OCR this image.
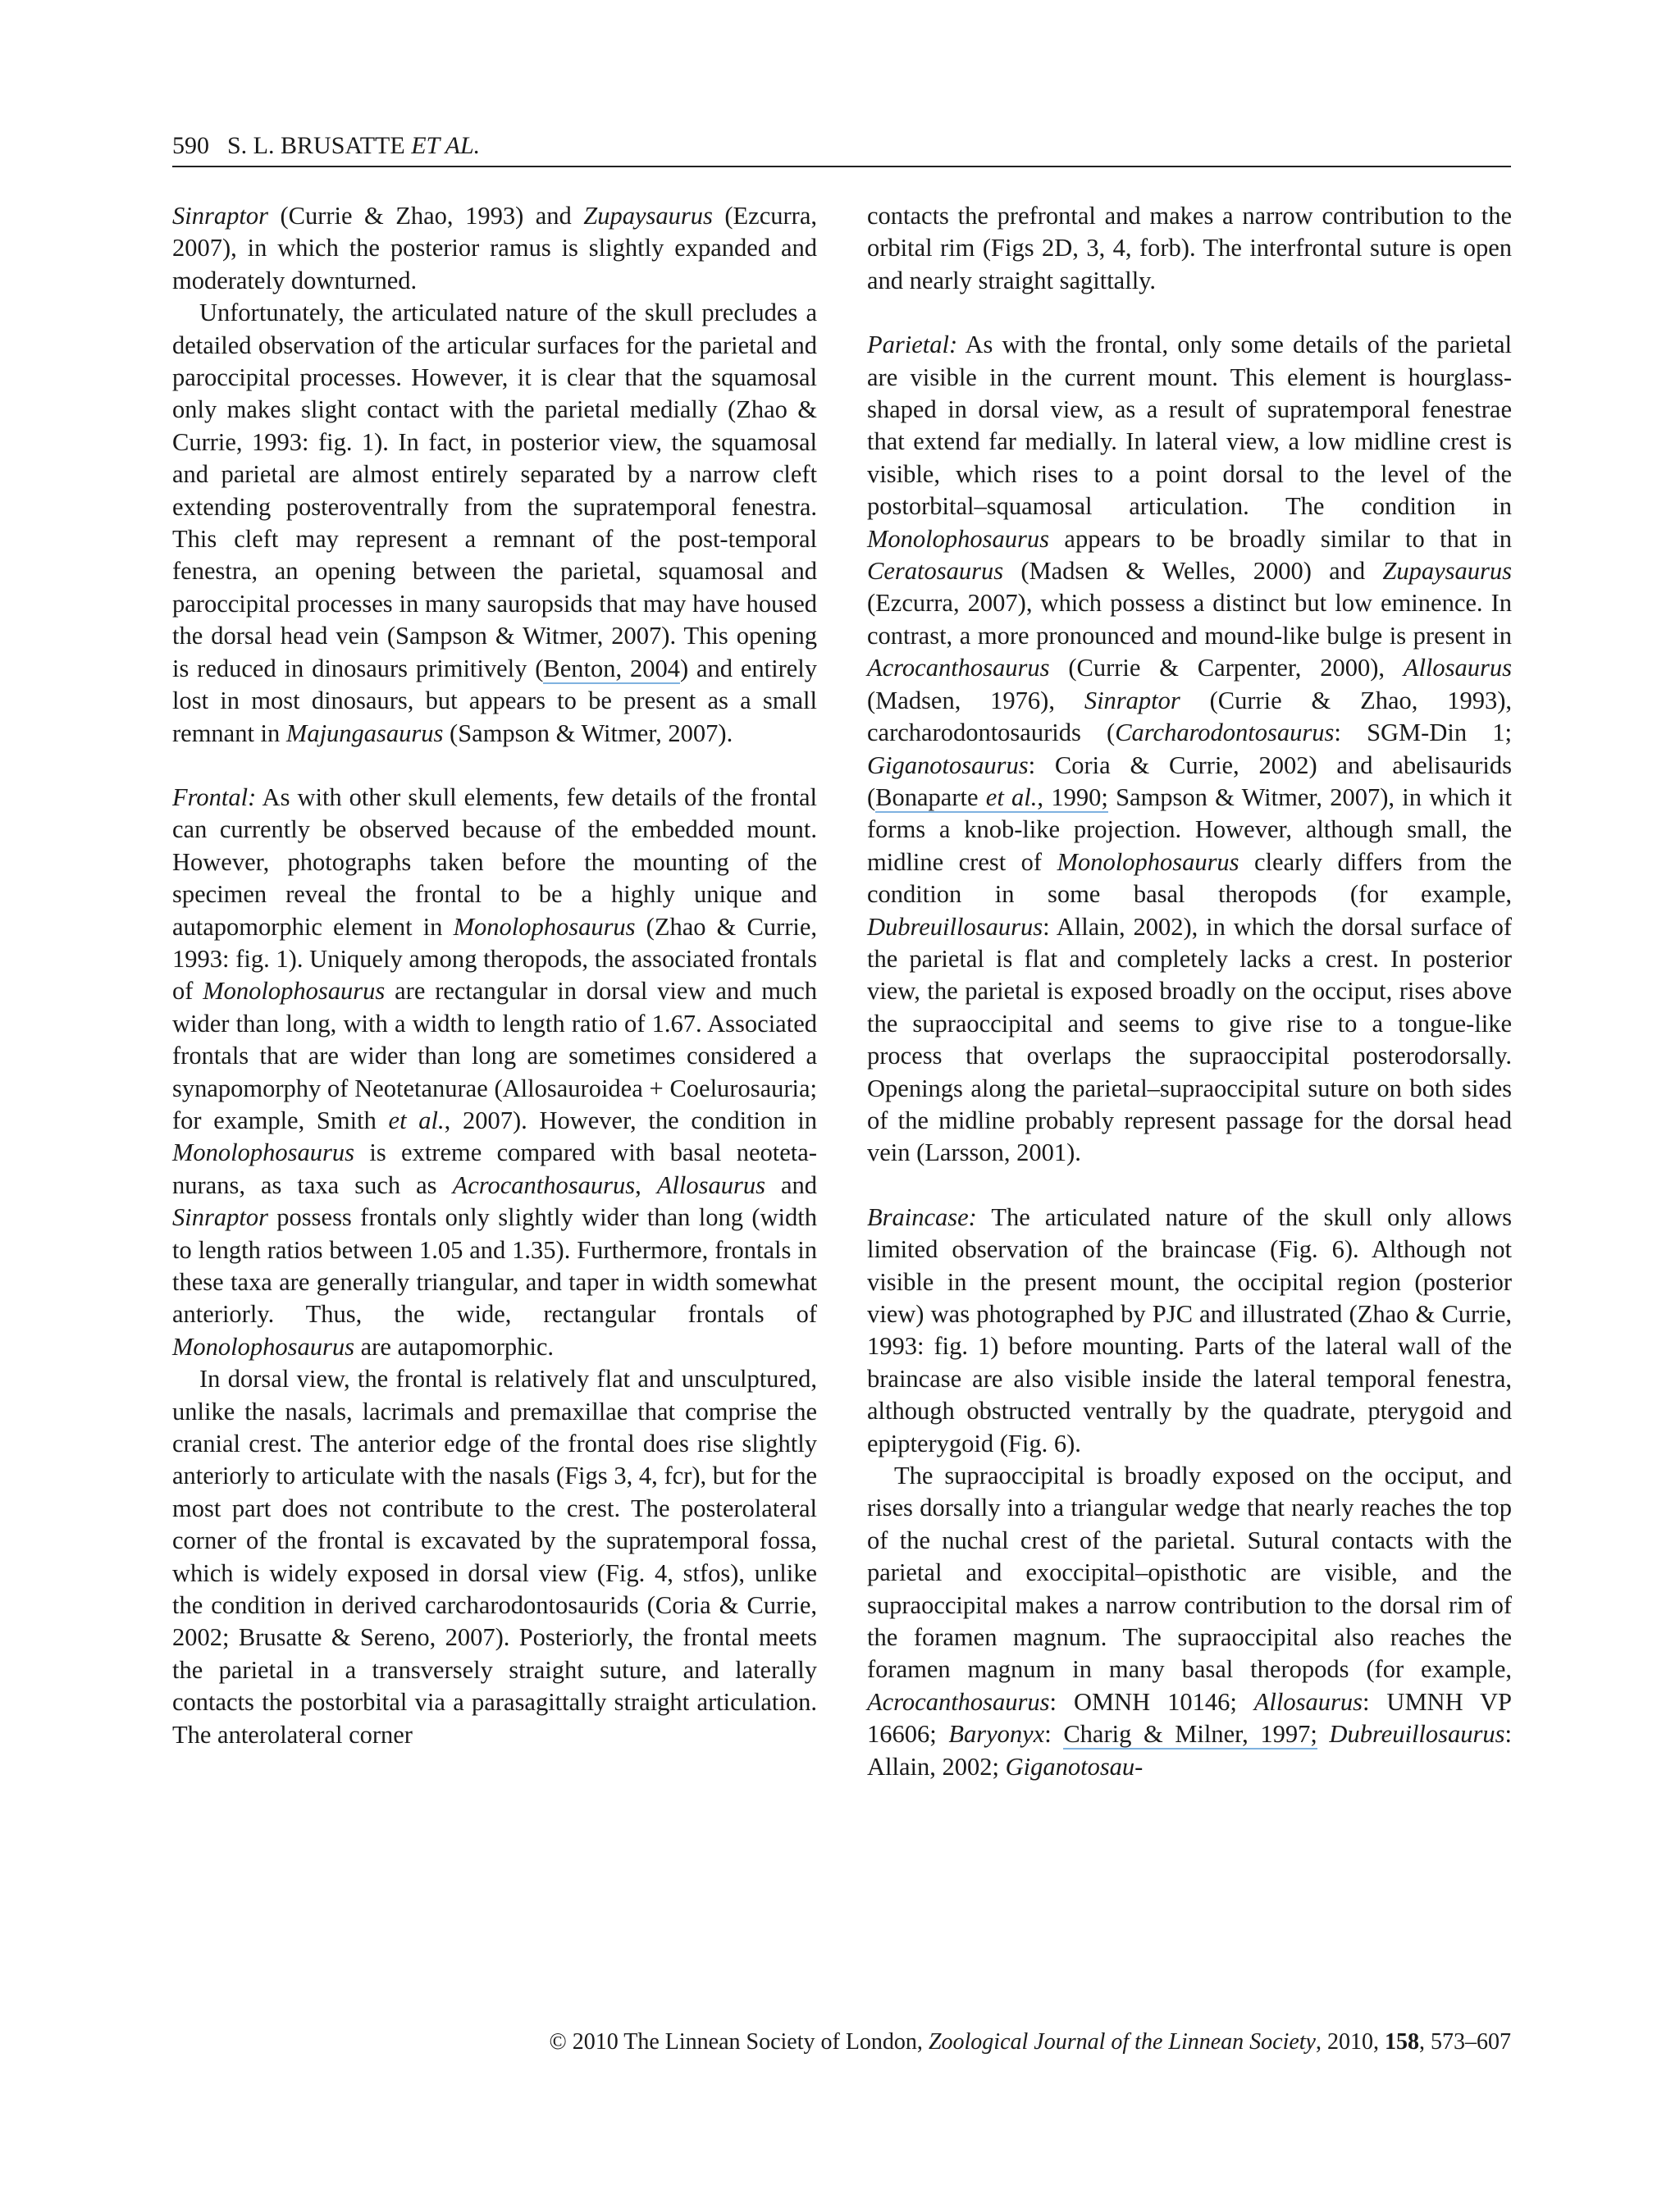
590 S. L. BRUSATTE ET AL.

Sinraptor (Currie & Zhao, 1993) and Zupaysaurus (Ezcurra, 2007), in which the posterior ramus is slightly expanded and moderately downturned.

Unfortunately, the articulated nature of the skull precludes a detailed observation of the articular surfaces for the parietal and paroccipital processes. However, it is clear that the squamosal only makes slight contact with the parietal medially (Zhao & Currie, 1993: fig. 1). In fact, in posterior view, the squamosal and parietal are almost entirely separated by a narrow cleft extending posteroventrally from the supratemporal fenestra. This cleft may represent a remnant of the post-temporal fenestra, an opening between the parietal, squamosal and paroccipital processes in many sauropsids that may have housed the dorsal head vein (Sampson & Witmer, 2007). This opening is reduced in dinosaurs primitively (Benton, 2004) and entirely lost in most dinosaurs, but appears to be present as a small remnant in Majungasaurus (Sampson & Witmer, 2007).

Frontal: As with other skull elements, few details of the frontal can currently be observed because of the embedded mount. However, photographs taken before the mounting of the specimen reveal the frontal to be a highly unique and autapomorphic element in Monolophosaurus (Zhao & Currie, 1993: fig. 1). Uniquely among theropods, the associated frontals of Monolophosaurus are rectangular in dorsal view and much wider than long, with a width to length ratio of 1.67. Associated frontals that are wider than long are sometimes considered a synapomorphy of Neotetanurae (Allosauroidea + Coelurosauria; for example, Smith et al., 2007). However, the condition in Monolophosaurus is extreme compared with basal neotetanurans, as taxa such as Acrocanthosaurus, Allosaurus and Sinraptor possess frontals only slightly wider than long (width to length ratios between 1.05 and 1.35). Furthermore, frontals in these taxa are generally triangular, and taper in width somewhat anteriorly. Thus, the wide, rectangular frontals of Monolophosaurus are autapomorphic.

In dorsal view, the frontal is relatively flat and unsculptured, unlike the nasals, lacrimals and premaxillae that comprise the cranial crest. The anterior edge of the frontal does rise slightly anteriorly to articulate with the nasals (Figs 3, 4, fcr), but for the most part does not contribute to the crest. The posterolateral corner of the frontal is excavated by the supratemporal fossa, which is widely exposed in dorsal view (Fig. 4, stfos), unlike the condition in derived carcharodontosaurids (Coria & Currie, 2002; Brusatte & Sereno, 2007). Posteriorly, the frontal meets the parietal in a transversely straight suture, and laterally contacts the postorbital via a parasagittally straight articulation. The anterolateral corner

contacts the prefrontal and makes a narrow contribution to the orbital rim (Figs 2D, 3, 4, forb). The interfrontal suture is open and nearly straight sagittally.

Parietal: As with the frontal, only some details of the parietal are visible in the current mount. This element is hourglass-shaped in dorsal view, as a result of supratemporal fenestrae that extend far medially. In lateral view, a low midline crest is visible, which rises to a point dorsal to the level of the postorbital–squamosal articulation. The condition in Monolophosaurus appears to be broadly similar to that in Ceratosaurus (Madsen & Welles, 2000) and Zupaysaurus (Ezcurra, 2007), which possess a distinct but low eminence. In contrast, a more pronounced and mound-like bulge is present in Acrocanthosaurus (Currie & Carpenter, 2000), Allosaurus (Madsen, 1976), Sinraptor (Currie & Zhao, 1993), carcharodontosaurids (Carcharodontosaurus: SGM-Din 1; Giganotosaurus: Coria & Currie, 2002) and abelisaurids (Bonaparte et al., 1990; Sampson & Witmer, 2007), in which it forms a knob-like projection. However, although small, the midline crest of Monolophosaurus clearly differs from the condition in some basal theropods (for example, Dubreuillosaurus: Allain, 2002), in which the dorsal surface of the parietal is flat and completely lacks a crest. In posterior view, the parietal is exposed broadly on the occiput, rises above the supraoccipital and seems to give rise to a tongue-like process that overlaps the supraoccipital posterodorsally. Openings along the parietal–supraoccipital suture on both sides of the midline probably represent passage for the dorsal head vein (Larsson, 2001).

Braincase: The articulated nature of the skull only allows limited observation of the braincase (Fig. 6). Although not visible in the present mount, the occipital region (posterior view) was photographed by PJC and illustrated (Zhao & Currie, 1993: fig. 1) before mounting. Parts of the lateral wall of the braincase are also visible inside the lateral temporal fenestra, although obstructed ventrally by the quadrate, pterygoid and epipterygoid (Fig. 6).

The supraoccipital is broadly exposed on the occiput, and rises dorsally into a triangular wedge that nearly reaches the top of the nuchal crest of the parietal. Sutural contacts with the parietal and exoccipital–opisthotic are visible, and the supraoccipital makes a narrow contribution to the dorsal rim of the foramen magnum. The supraoccipital also reaches the foramen magnum in many basal theropods (for example, Acrocanthosaurus: OMNH 10146; Allosaurus: UMNH VP 16606; Baryonyx: Charig & Milner, 1997; Dubreuillosaurus: Allain, 2002; Giganotosau-

© 2010 The Linnean Society of London, Zoological Journal of the Linnean Society, 2010, 158, 573–607
